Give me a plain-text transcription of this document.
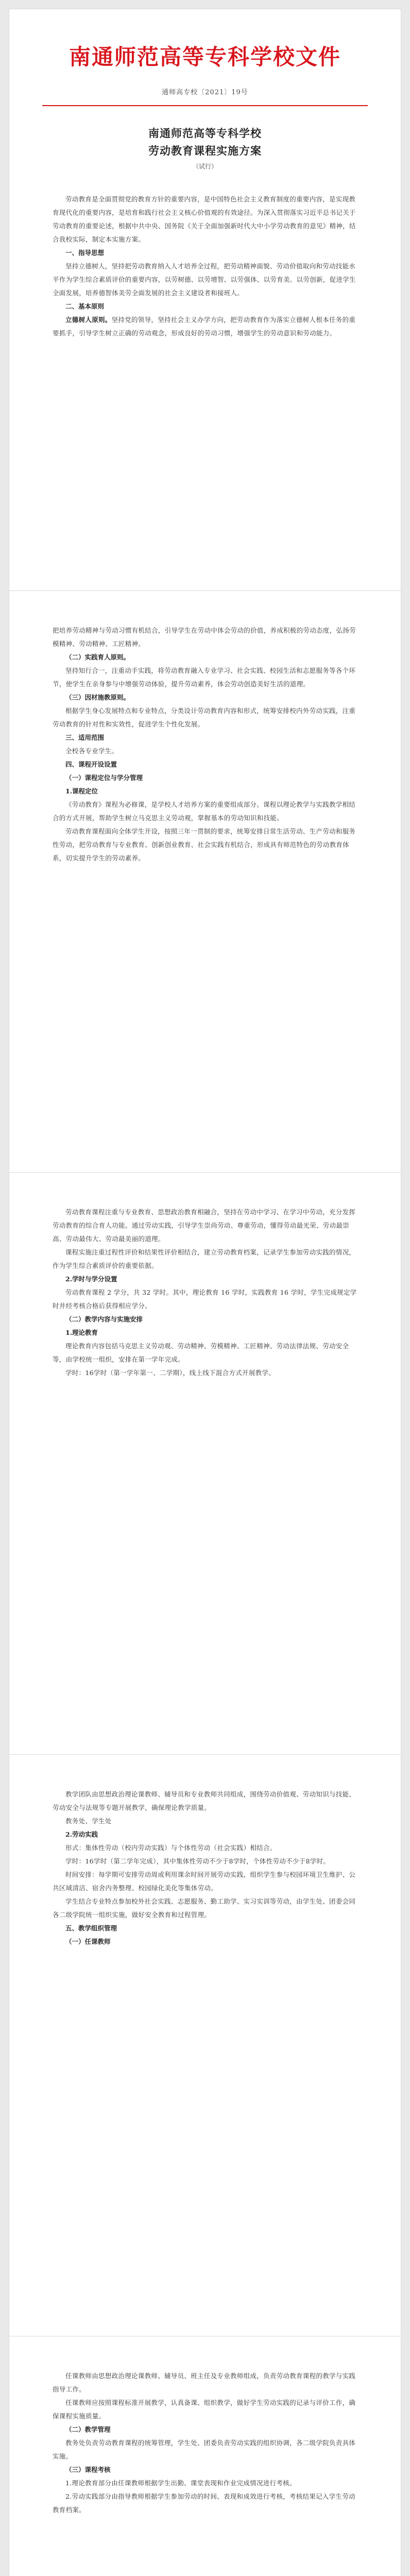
南通师范高等专科学校文件
通师高专校〔2021〕19号
南通师范高等专科学校
劳动教育课程实施方案
（试行）

劳动教育是全面贯彻党的教育方针的重要内容，是中国特色社会主义教育制度的重要内容，是实现教育现代化的重要内容，是培育和践行社会主义核心价值观的有效途径。为深入贯彻落实习近平总书记关于劳动教育的重要论述，根据中共中央、国务院《关于全面加强新时代大中小学劳动教育的意见》精神，结合我校实际，制定本实施方案。

一、指导思想

坚持立德树人，坚持把劳动教育纳入人才培养全过程，把劳动精神面貌、劳动价值取向和劳动技能水平作为学生综合素质评价的重要内容，以劳树德、以劳增智、以劳强体、以劳育美、以劳创新，促进学生全面发展，培养德智体美劳全面发展的社会主义建设者和接班人。

二、基本原则

立德树人原则。坚持党的领导，坚持社会主义办学方向，把劳动教育作为落实立德树人根本任务的重要抓手，引导学生树立正确的劳动观念，形成良好的劳动习惯，增强学生的劳动意识和劳动能力。

把培养劳动精神与劳动习惯有机结合，引导学生在劳动中体会劳动的价值，养成积极的劳动态度，弘扬劳模精神、劳动精神、工匠精神。

（二）实践育人原则。

坚持知行合一，注重动手实践，将劳动教育融入专业学习、社会实践、校园生活和志愿服务等各个环节，使学生在亲身参与中增强劳动体验，提升劳动素养，体会劳动创造美好生活的道理。

（三）因材施教原则。

根据学生身心发展特点和专业特点，分类设计劳动教育内容和形式，统筹安排校内外劳动实践，注重劳动教育的针对性和实效性，促进学生个性化发展。

三、适用范围

全校各专业学生。

四、课程开设设置

（一）课程定位与学分管理

1.课程定位

《劳动教育》课程为必修课，是学校人才培养方案的重要组成部分。课程以理论教学与实践教学相结合的方式开展，帮助学生树立马克思主义劳动观，掌握基本的劳动知识和技能。

劳动教育课程面向全体学生开设，按照三年一贯制的要求，统筹安排日常生活劳动、生产劳动和服务性劳动，把劳动教育与专业教育、创新创业教育、社会实践有机结合，形成具有师范特色的劳动教育体系，切实提升学生的劳动素养。

劳动教育课程注重与专业教育、思想政治教育相融合，坚持在劳动中学习、在学习中劳动，充分发挥劳动教育的综合育人功能。通过劳动实践，引导学生崇尚劳动、尊重劳动，懂得劳动最光荣、劳动最崇高、劳动最伟大、劳动最美丽的道理。

课程实施注重过程性评价和结果性评价相结合，建立劳动教育档案，记录学生参加劳动实践的情况，作为学生综合素质评价的重要依据。

2.学时与学分设置

劳动教育课程 2 学分，共 32 学时。其中，理论教育 16 学时，实践教育 16 学时，学生完成规定学时并经考核合格后获得相应学分。

（二）教学内容与实施安排

1.理论教育

理论教育内容包括马克思主义劳动观、劳动精神、劳模精神、工匠精神、劳动法律法规、劳动安全等，由学校统一组织，安排在第一学年完成。

学时：16学时（第一学年第一、二学期），线上线下混合方式开展教学。

教学团队由思想政治理论课教师、辅导员和专业教师共同组成，围绕劳动价值观、劳动知识与技能、劳动安全与法规等专题开展教学，确保理论教学质量。

教务处、学生处

2.劳动实践

形式：集体性劳动（校内劳动实践）与个体性劳动（社会实践）相结合。

学时：16学时（第二学年完成），其中集体性劳动不少于8学时，个体性劳动不少于8学时。

时间安排：每学期可安排劳动周或利用课余时间开展劳动实践，组织学生参与校园环境卫生维护、公共区域清洁、宿舍内务整理、校园绿化美化等集体劳动。

学生结合专业特点参加校外社会实践、志愿服务、勤工助学、实习实训等劳动，由学生处、团委会同各二级学院统一组织实施，做好安全教育和过程管理。

五、教学组织管理

（一）任课教师

任课教师由思想政治理论课教师、辅导员、班主任及专业教师组成，负责劳动教育课程的教学与实践指导工作。

任课教师应按照课程标准开展教学，认真备课、组织教学，做好学生劳动实践的记录与评价工作，确保课程实施质量。

（二）教学管理

教务处负责劳动教育课程的统筹管理，学生处、团委负责劳动实践的组织协调，各二级学院负责具体实施。

（三）课程考核

1.理论教育部分由任课教师根据学生出勤、课堂表现和作业完成情况进行考核。

2.劳动实践部分由指导教师根据学生参加劳动的时间、表现和成效进行考核，考核结果记入学生劳动教育档案。
